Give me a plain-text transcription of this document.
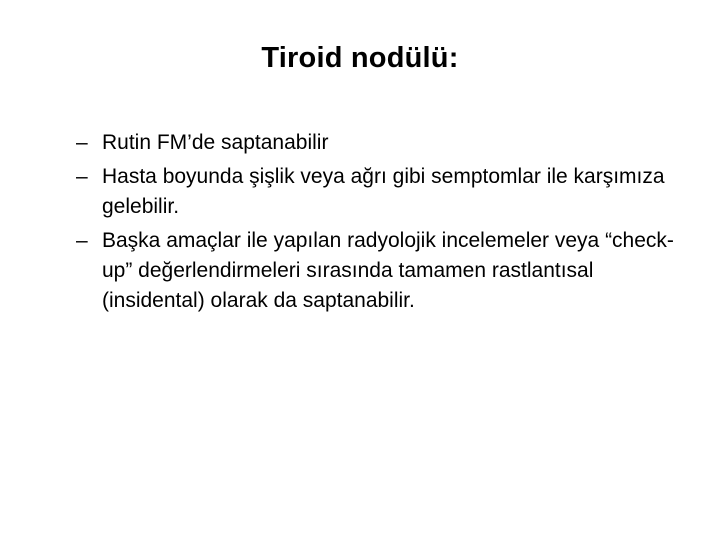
Tiroid nodülü:
– Rutin FM’de saptanabilir
– Hasta boyunda şişlik veya ağrı gibi semptomlar ile karşımıza gelebilir.
– Başka amaçlar ile yapılan radyolojik incelemeler veya “check-up” değerlendirmeleri sırasında tamamen rastlantısal (insidental) olarak da saptanabilir.
